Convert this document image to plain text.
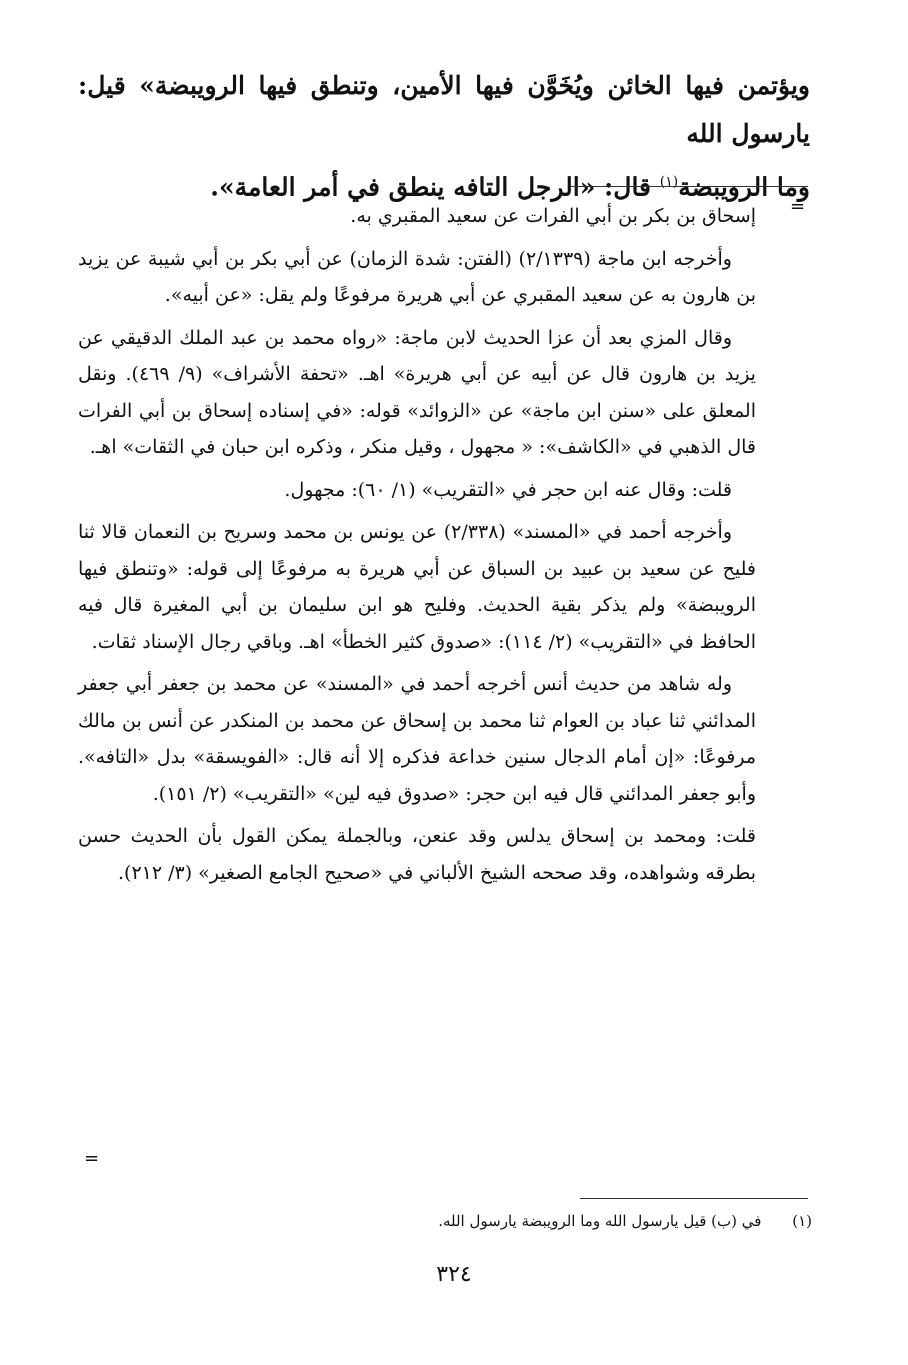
ويؤتمن فيها الخائن ويُخَوَّن فيها الأمين، وتنطق فيها الرويبضة» قيل: يارسول الله

وما الرويبضة$^{(١)}$ قال: «الرجل التافه ينطق في أمر العامة».

=

إسحاق بن بكر بن أبي الفرات عن سعيد المقبري به.

وأخرجه ابن ماجة (٢/١٣٣٩) (الفتن: شدة الزمان) عن أبي بكر بن أبي شيبة عن يزيد بن هارون به عن سعيد المقبري عن أبي هريرة مرفوعًا ولم يقل: «عن أبيه».

وقال المزي بعد أن عزا الحديث لابن ماجة: «رواه محمد بن عبد الملك الدقيقي عن يزيد بن هارون قال عن أبيه عن أبي هريرة» اهـ. «تحفة الأشراف» (٩/ ٤٦٩). ونقل المعلق على «سنن ابن ماجة» عن «الزوائد» قوله: «في إسناده إسحاق بن أبي الفرات قال الذهبي في «الكاشف»: « مجهول ، وقيل منكر ، وذكره ابن حبان في الثقات» اهـ.

قلت: وقال عنه ابن حجر في «التقريب» (١/ ٦٠): مجهول.

وأخرجه أحمد في «المسند» (٢/٣٣٨) عن يونس بن محمد وسريح بن النعمان قالا ثنا فليح عن سعيد بن عبيد بن السباق عن أبي هريرة به مرفوعًا إلى قوله: «وتنطق فيها الرويبضة» ولم يذكر بقية الحديث. وفليح هو ابن سليمان بن أبي المغيرة قال فيه الحافظ في «التقريب» (٢/ ١١٤): «صدوق كثير الخطأ» اهـ. وباقي رجال الإسناد ثقات.

وله شاهد من حديث أنس أخرجه أحمد في «المسند» عن محمد بن جعفر أبي جعفر المدائني ثنا عباد بن العوام ثنا محمد بن إسحاق عن محمد بن المنكدر عن أنس بن مالك مرفوعًا: «إن أمام الدجال سنين خداعة فذكره إلا أنه قال: «الفويسقة» بدل «التافه». وأبو جعفر المدائني قال فيه ابن حجر: «صدوق فيه لين» «التقريب» (٢/ ١٥١).

قلت: ومحمد بن إسحاق يدلس وقد عنعن، وبالجملة يمكن القول بأن الحديث حسن بطرقه وشواهده، وقد صححه الشيخ الألباني في «صحيح الجامع الصغير» (٣/ ٢١٢).

=
(١) في (ب) قيل يارسول الله وما الرويبضة يارسول الله.
٣٢٤
